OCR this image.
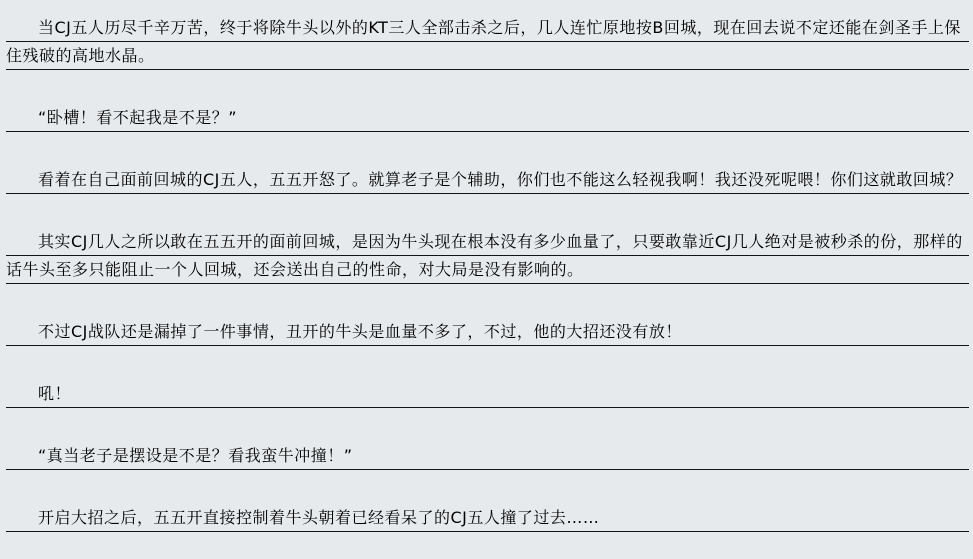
当CJ五人历尽千辛万苦，终于将除牛头以外的KT三人全部击杀之后，几人连忙原地按B回城，现在回去说不定还能在剑圣手上保住残破的高地水晶。

“卧槽！看不起我是不是？”

看着在自己面前回城的CJ五人，五五开怒了。就算老子是个辅助，你们也不能这么轻视我啊！我还没死呢喂！你们这就敢回城？

其实CJ几人之所以敢在五五开的面前回城，是因为牛头现在根本没有多少血量了，只要敢靠近CJ几人绝对是被秒杀的份，那样的话牛头至多只能阻止一个人回城，还会送出自己的性命，对大局是没有影响的。

不过CJ战队还是漏掉了一件事情，丑开的牛头是血量不多了，不过，他的大招还没有放！

吼！

“真当老子是摆设是不是？看我蛮牛冲撞！”

开启大招之后，五五开直接控制着牛头朝着已经看呆了的CJ五人撞了过去……
